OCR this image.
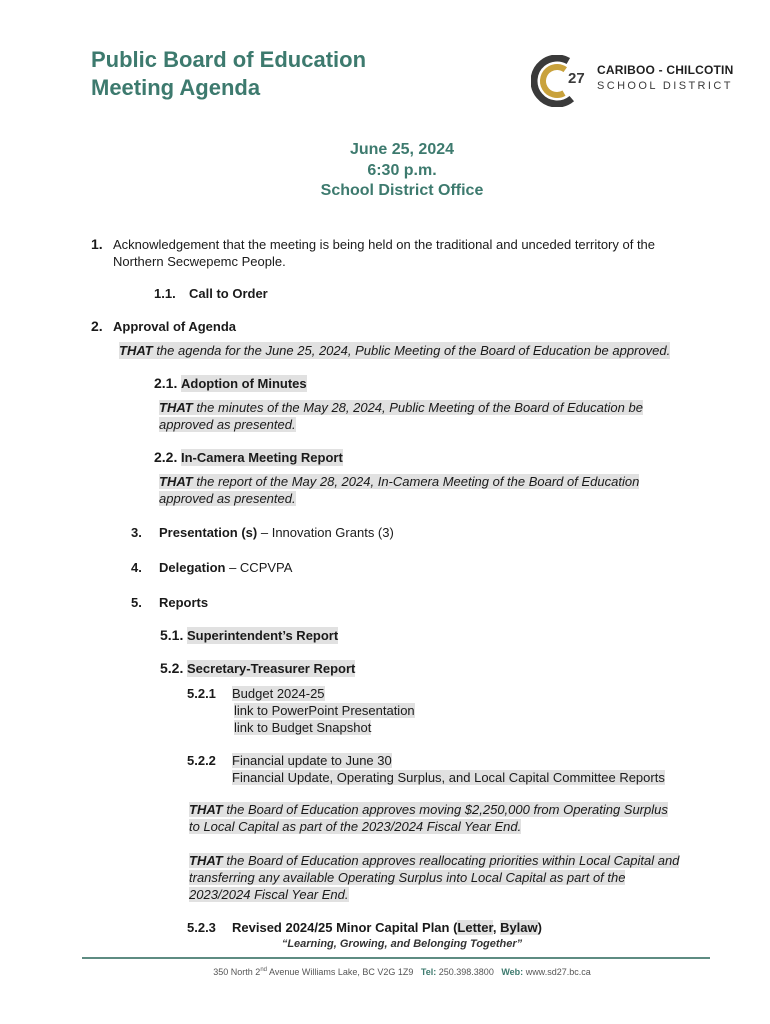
Public Board of Education
Meeting Agenda	27 CARIBOO - CHILCOTIN
SCHOOL DISTRICT
June 25, 2024
6:30 p.m.
School District Office
1. Acknowledgement that the meeting is being held on the traditional and unceded territory of the
Northern Secwepemc People.
1.1. Call to Order
2. Approval of Agenda
THAT the agenda for the June 25, 2024, Public Meeting of the Board of Education be approved.
2.1. Adoption of Minutes
THAT the minutes of the May 28, 2024, Public Meeting of the Board of Education be
approved as presented.
2.2. In-Camera Meeting Report
THAT the report of the May 28, 2024, In-Camera Meeting of the Board of Education
approved as presented.
3. Presentation (s) – Innovation Grants (3)
4. Delegation – CCPVPA
5. Reports
5.1. Superintendent’s Report
5.2. Secretary-Treasurer Report
5.2.1 Budget 2024-25
link to PowerPoint Presentation
link to Budget Snapshot
5.2.2 Financial update to June 30
Financial Update, Operating Surplus, and Local Capital Committee Reports
THAT the Board of Education approves moving $2,250,000 from Operating Surplus
to Local Capital as part of the 2023/2024 Fiscal Year End.
THAT the Board of Education approves reallocating priorities within Local Capital and
transferring any available Operating Surplus into Local Capital as part of the
2023/2024 Fiscal Year End.
5.2.3 Revised 2024/25 Minor Capital Plan (Letter, Bylaw)
“Learning, Growing, and Belonging Together”
350 North 2nd Avenue Williams Lake, BC V2G 1Z9 Tel: 250.398.3800 Web: www.sd27.bc.ca
